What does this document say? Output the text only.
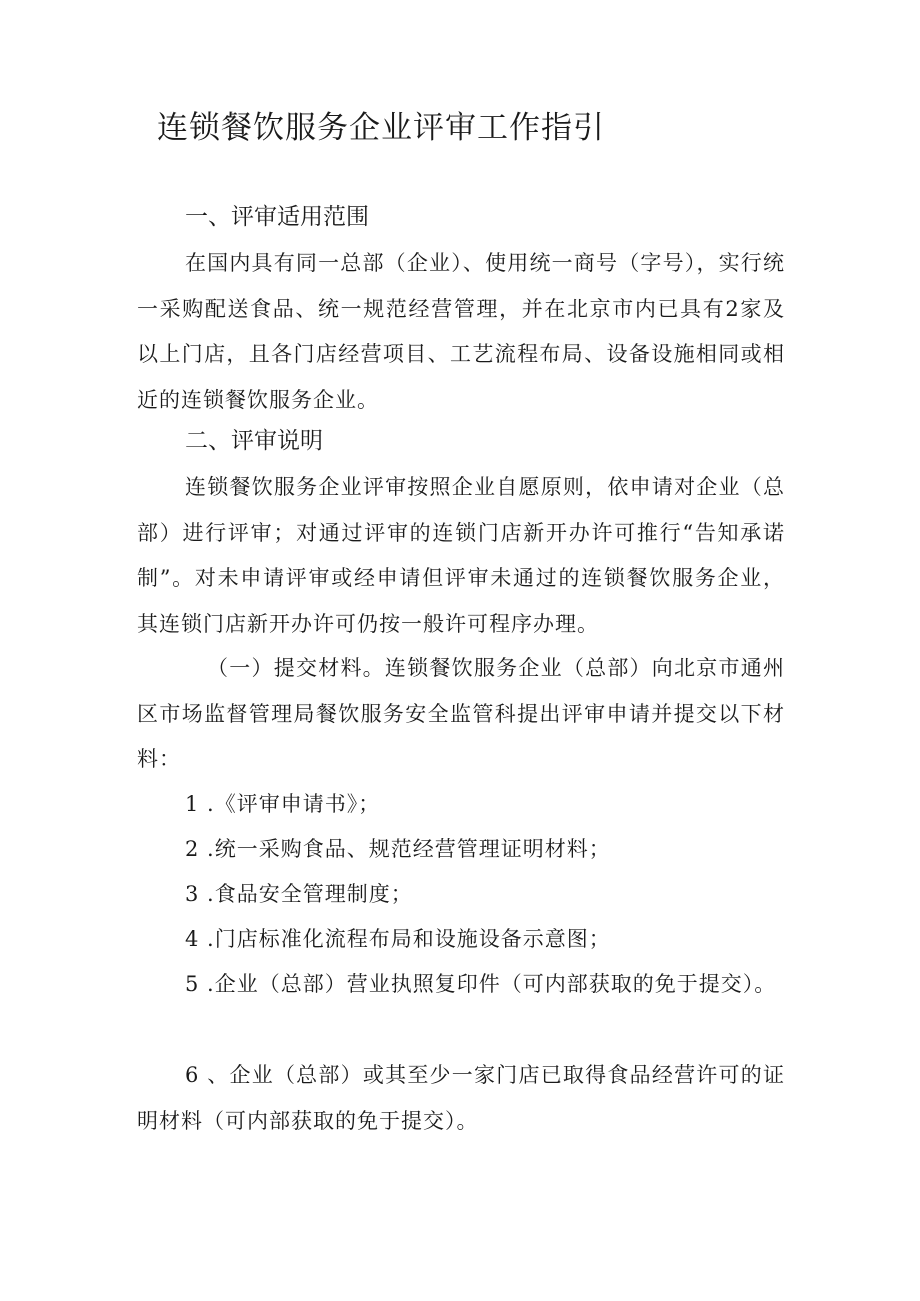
连锁餐饮服务企业评审工作指引
一、评审适用范围
在国内具有同一总部（企业）、使用统一商号（字号），实行统一采购配送食品、统一规范经营管理，并在北京市内已具有2家及以上门店，且各门店经营项目、工艺流程布局、设备设施相同或相近的连锁餐饮服务企业。
二、评审说明
连锁餐饮服务企业评审按照企业自愿原则，依申请对企业（总部）进行评审；对通过评审的连锁门店新开办许可推行“告知承诺制”。对未申请评审或经申请但评审未通过的连锁餐饮服务企业，其连锁门店新开办许可仍按一般许可程序办理。
（一）提交材料。连锁餐饮服务企业（总部）向北京市通州区市场监督管理局餐饮服务安全监管科提出评审申请并提交以下材料：
1 .《评审申请书》；
2 .统一采购食品、规范经营管理证明材料；
3 .食品安全管理制度；
4 .门店标准化流程布局和设施设备示意图；
5 .企业（总部）营业执照复印件（可内部获取的免于提交）。
6 、企业（总部）或其至少一家门店已取得食品经营许可的证明材料（可内部获取的免于提交）。
